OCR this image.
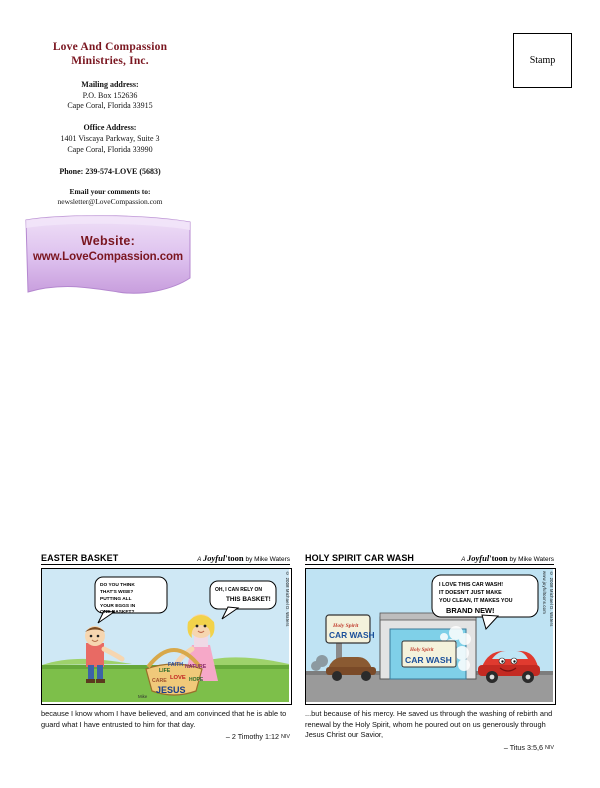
Love And Compassion
Ministries, Inc.
Mailing address:
P.O. Box 152636
Cape Coral, Florida 33915
Office Address:
1401 Viscaya Parkway, Suite 3
Cape Coral, Florida 33990
Phone: 239-574-LOVE (5683)
Email your comments to:
newsletter@LoveCompassion.com
Website:
www.LoveCompassion.com
Stamp
EASTER BASKET	A Joyful'toon by Mike Waters
LIFE
FAITH NATURE
CARE LOVE HOPE
JESUS
DO YOU THINK
THAT'S WISE?
PUTTING ALL
YOUR EGGS IN
ONE BASKET?
OH, I CAN RELY ON
THIS BASKET!
Mike
© 2008 Michael D. Waters
because I know whom I have believed, and am convinced that he is able to guard what I have entrusted to him for that day.
– 2 Timothy 1:12 NIV
HOLY SPIRIT CAR WASH	A Joyful'toon by Mike Waters
Holy Spirit
CAR WASH
Holy Spirit
CAR WASH
I LOVE THIS CAR WASH!
IT DOESN'T JUST MAKE
YOU CLEAN, IT MAKES YOU
BRAND NEW!	© 2008 Michael D. Waters
www.joyfultoons.com
...but because of his mercy. He saved us through the washing of rebirth and renewal by the Holy Spirit, whom he poured out on us generously through Jesus Christ our Savior,
– Titus 3:5,6 NIV
